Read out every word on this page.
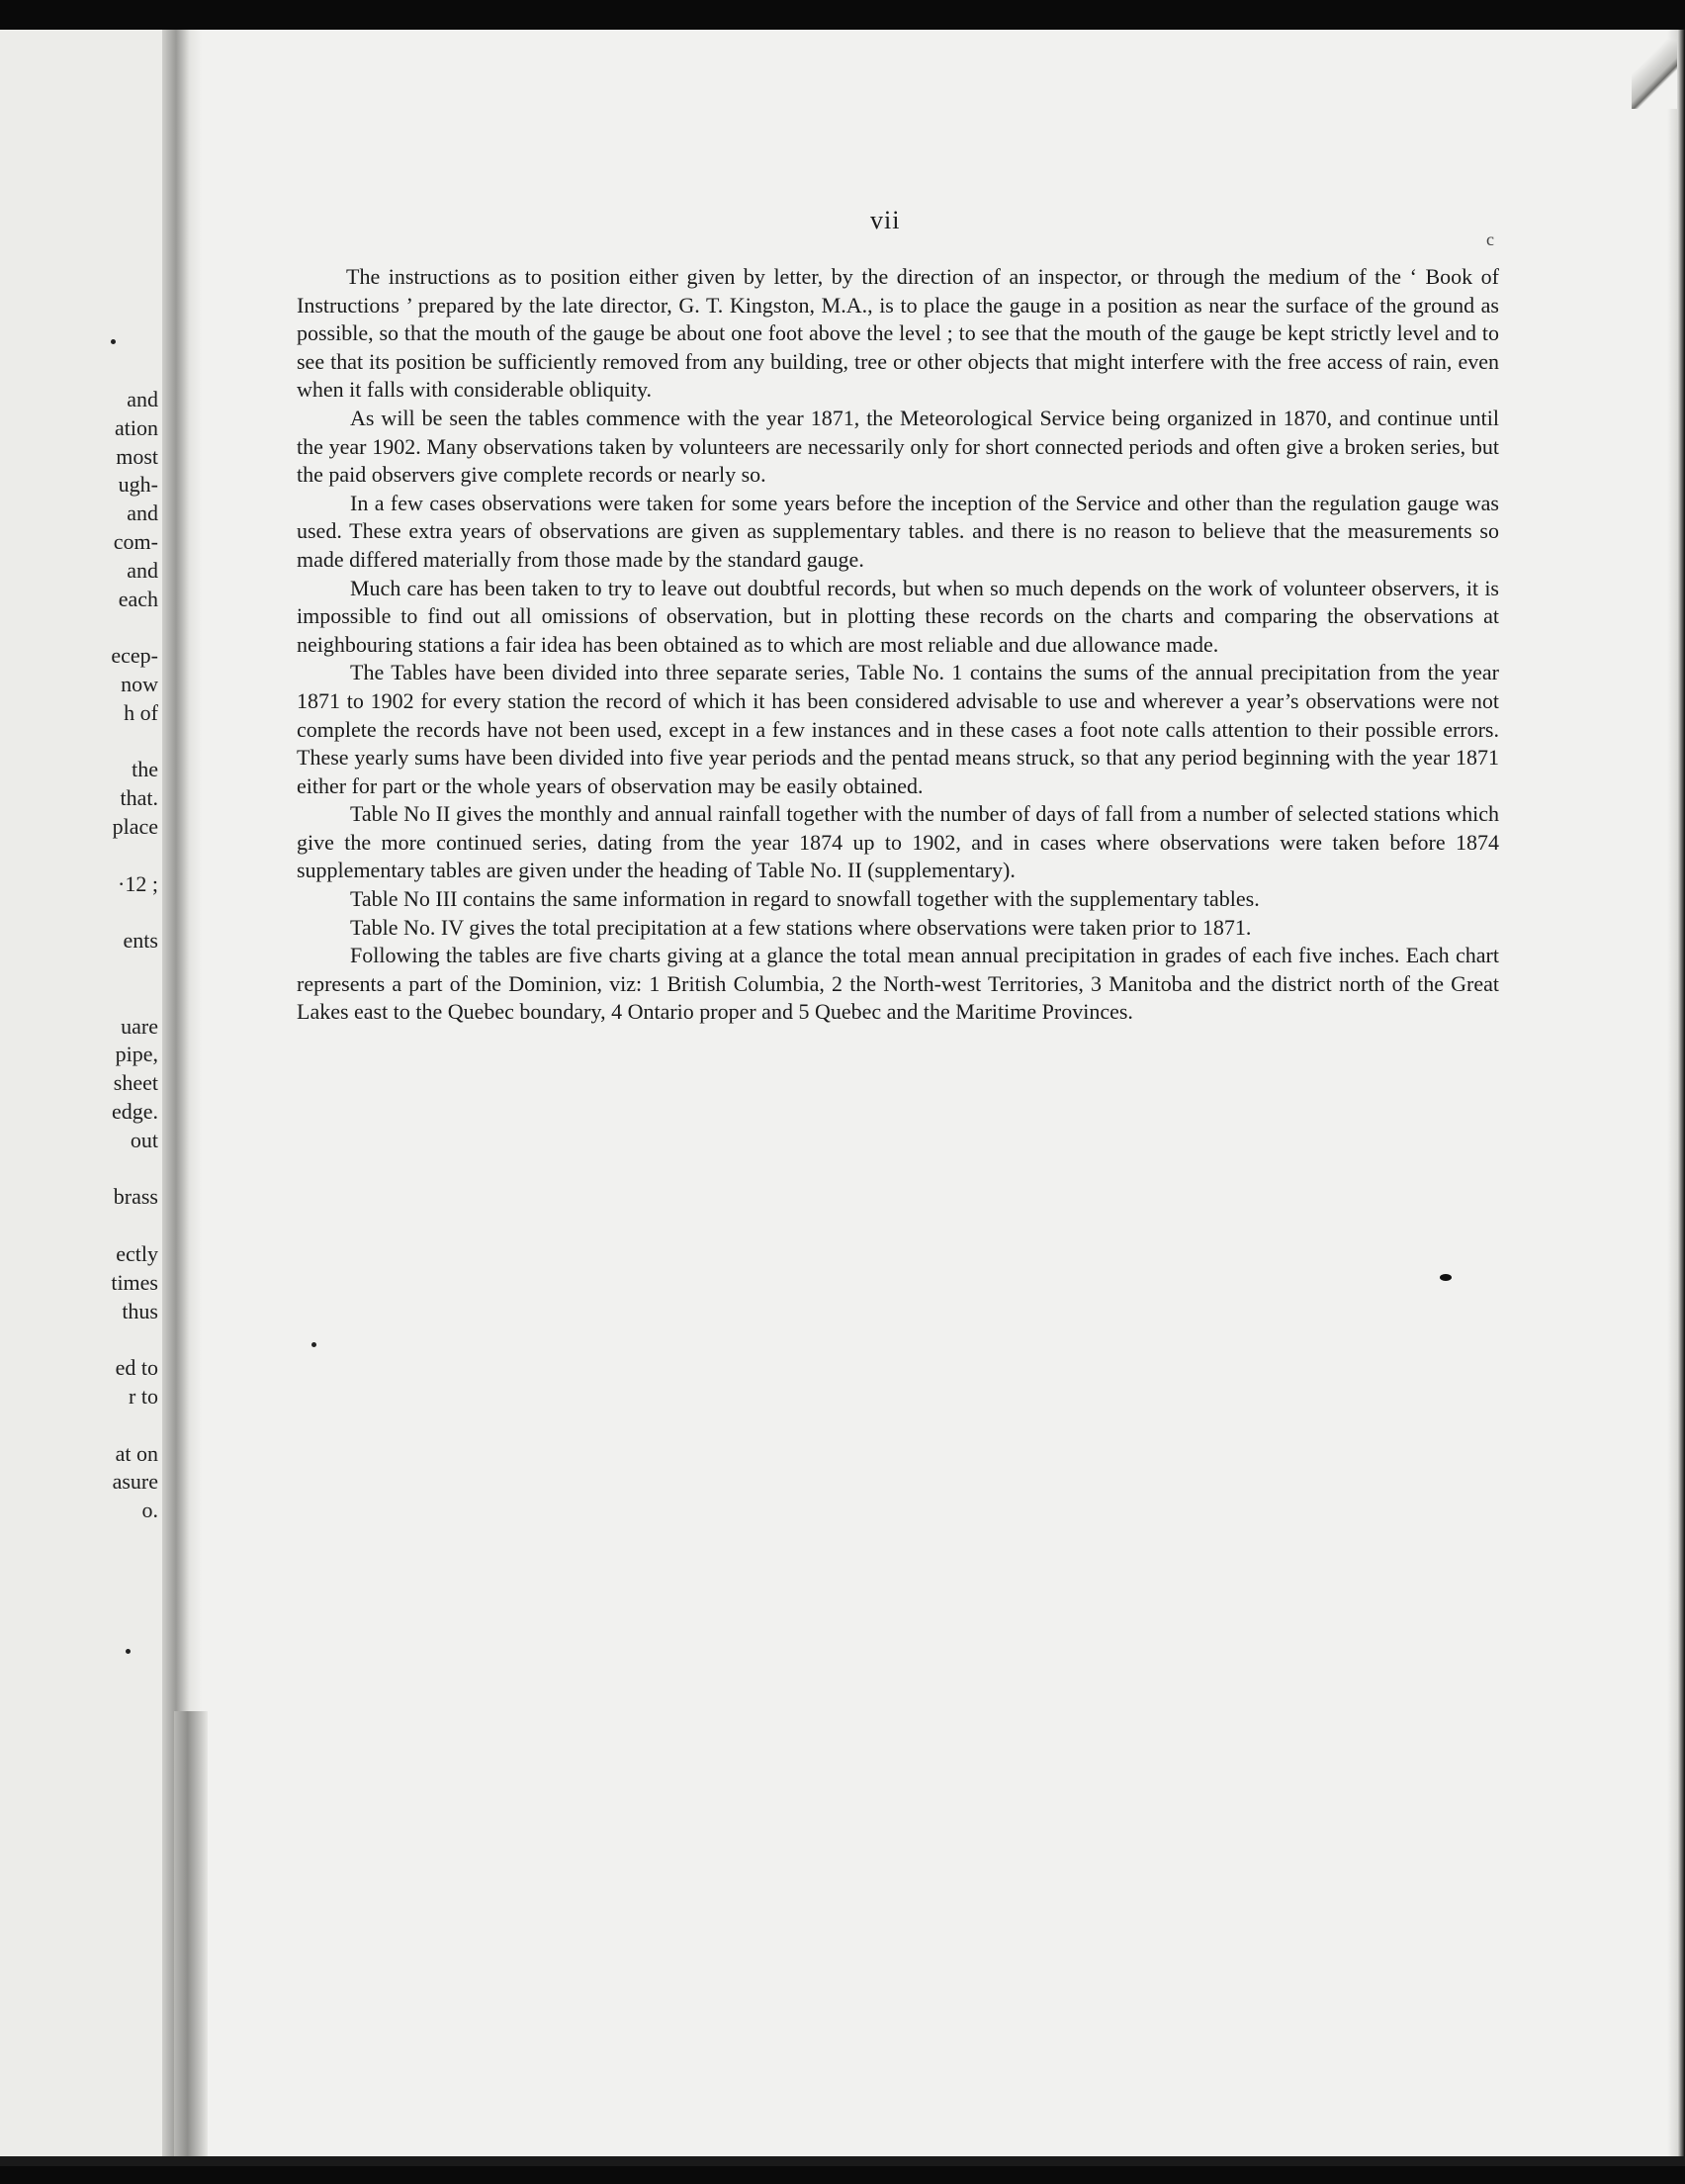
and
ation
most
ugh-
and
com-
and
each
ecep-
now
h of
the
that.
place
·12 ;
ents
uare
pipe,
sheet
edge.
out
brass
ectly
times
thus
ed to
r to
at on
asure
o.
vii
c

The instructions as to position either given by letter, by the direction of an inspector, or through the medium of the ‘ Book of Instructions ’ prepared by the late director, G. T. Kingston, M.A., is to place the gauge in a position as near the surface of the ground as possible, so that the mouth of the gauge be about one foot above the level ; to see that the mouth of the gauge be kept strictly level and to see that its position be sufficiently removed from any building, tree or other objects that might interfere with the free access of rain, even when it falls with considerable obliquity.

As will be seen the tables commence with the year 1871, the Meteorological Service being organized in 1870, and continue until the year 1902. Many observations taken by volunteers are necessarily only for short connected periods and often give a broken series, but the paid observers give complete records or nearly so.

In a few cases observations were taken for some years before the inception of the Service and other than the regulation gauge was used. These extra years of observations are given as supplementary tables. and there is no reason to believe that the measurements so made differed materially from those made by the standard gauge.

Much care has been taken to try to leave out doubtful records, but when so much depends on the work of volunteer observers, it is impossible to find out all omissions of observation, but in plotting these records on the charts and comparing the observations at neighbouring stations a fair idea has been obtained as to which are most reliable and due allowance made.

The Tables have been divided into three separate series, Table No. 1 contains the sums of the annual precipitation from the year 1871 to 1902 for every station the record of which it has been considered advisable to use and wherever a year’s observations were not complete the records have not been used, except in a few instances and in these cases a foot note calls attention to their possible errors. These yearly sums have been divided into five year periods and the pentad means struck, so that any period beginning with the year 1871 either for part or the whole years of observation may be easily obtained.

Table No II gives the monthly and annual rainfall together with the number of days of fall from a number of selected stations which give the more continued series, dating from the year 1874 up to 1902, and in cases where observations were taken before 1874 supplementary tables are given under the heading of Table No. II (supplementary).

Table No III contains the same information in regard to snowfall together with the supplementary tables.

Table No. IV gives the total precipitation at a few stations where observations were taken prior to 1871.

Following the tables are five charts giving at a glance the total mean annual precipitation in grades of each five inches. Each chart represents a part of the Dominion, viz: 1 British Columbia, 2 the North-west Territories, 3 Manitoba and the district north of the Great Lakes east to the Quebec boundary, 4 Ontario proper and 5 Quebec and the Maritime Provinces.
